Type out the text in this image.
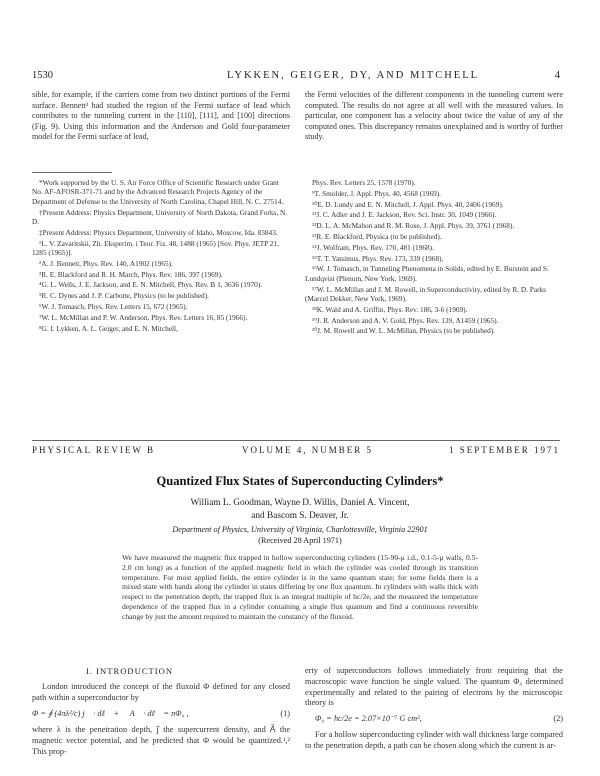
1530	LYKKEN, GEIGER, DY, AND MITCHELL	4

sible, for example, if the carriers come from two distinct portions of the Fermi surface. Bennett³ had studied the region of the Fermi surface of lead which contributes to the tunneling current in the [110], [111], and [100] directions (Fig. 9). Using this information and the Anderson and Gold four-parameter model for the Fermi surface of lead,

the Fermi velocities of the different components in the tunneling current were computed. The results do not agree at all well with the measured values. In particular, one component has a velocity about twice the value of any of the computed ones. This discrepancy remains unexplained and is worthy of further study.

*Work supported by the U. S. Air Force Office of Scientific Research under Grant No. AF-AFOSR-371-71 and by the Advanced Research Projects Agency of the Department of Defense to the University of North Carolina, Chapel Hill, N. C. 27514.

†Present Address: Physics Department, University of North Dakota, Grand Forks, N. D.

‡Present Address: Physics Department, University of Idaho, Moscow, Ida. 83843.

¹L. V. Zavaritskii, Zh. Eksperim. i Teor. Fiz. 48, 1488 (1965) [Sov. Phys. JETP 21, 1285 (1965)].

²A. J. Bennett, Phys. Rev. 140, A1902 (1965).

³R. E. Blackford and R. H. March, Phys. Rev. 186, 397 (1969).

⁴G. L. Wells, J. E. Jackson, and E. N. Mitchell, Phys. Rev. B 1, 3636 (1970).

⁵R. C. Dynes and J. P. Carbotte, Physics (to be published).

⁶W. J. Tomasch, Phys. Rev. Letters 15, 672 (1965).

⁷W. L. McMillan and P. W. Anderson, Phys. Rev. Letters 16, 85 (1966).

⁸G. I. Lykken, A. L. Geiger, and E. N. Mitchell,

Phys. Rev. Letters 25, 1578 (1970).

⁹T. Smolder, J. Appl. Phys. 40, 4568 (1969).

¹⁰E. D. Lundy and E. N. Mitchell, J. Appl. Phys. 40, 2406 (1969).

¹¹J. C. Adler and J. E. Jackson, Rev. Sci. Instr. 30, 1049 (1966).

¹²D. L. A. McMahon and R. M. Rose, J. Appl. Phys. 39, 3761 (1968).

¹³R. E. Blackford, Physica (to be published).

¹⁴J. Wolfram, Phys. Rev. 170, 481 (1968).

¹⁵T. T. Yatsimus, Phys. Rev. 173, 339 (1968).

¹⁶W. J. Tomasch, in Tunneling Phenomena in Solids, edited by E. Burstein and S. Lundqvist (Plenum, New York, 1969).

¹⁷W. L. McMillan and J. M. Rowell, in Superconductivity, edited by R. D. Parks (Marcel Dekker, New York, 1969).

¹⁸K. Wald and A. Griffin, Phys. Rev. 186, 3-6 (1969).

¹⁹J. R. Anderson and A. V. Gold, Phys. Rev. 139, A1459 (1965).

²⁰J. M. Rowell and W. L. McMillan, Physics (to be published).

PHYSICAL REVIEW B	VOLUME 4, NUMBER 5	1 SEPTEMBER 1971
Quantized Flux States of Superconducting Cylinders*
William L. Goodman, Wayne D. Willis, Daniel A. Vincent,
and Bascom S. Deaver, Jr.
Department of Physics, University of Virginia, Charlottesville, Virginia 22901
(Received 28 April 1971)
We have measured the magnetic flux trapped in hollow superconducting cylinders (15-90-μ i.d., 0.1-5-μ walls, 0.5-2.0 cm long) as a function of the applied magnetic field in which the cylinder was cooled through its transition temperature. For most applied fields, the entire cylinder is in the same quantum state; for some fields there is a mixed state with bands along the cylinder in states differing by one flux quantum. In cylinders with walls thick with respect to the penetration depth, the trapped flux is an integral multiple of hc/2e, and the measured the temperature dependence of the trapped flux in a cylinder containing a single flux quantum and find a continuous reversible change by just the amount required to maintain the constancy of the fluxoid.
I. INTRODUCTION

London introduced the concept of the fluxoid Φ defined for any closed path within a superconductor by

Φ = ∮ (4πλ²/c) j⃗ · dℓ⃗ + ∮ A⃗ · dℓ⃗ = nΦ₀ ,	(1)

where λ is the penetration depth, j⃗ the supercurrent density, and A⃗ the magnetic vector potential, and he predicted that Φ would be quantized.¹,² This prop-

erty of superconductors follows immediately from requiring that the macroscopic wave function be single valued. The quantum Φ₀ determined experimentally and related to the pairing of electrons by the microscopic theory is

Φ₀ = hc/2e = 2.07×10⁻⁷ G cm²,	(2)

For a hollow superconducting cylinder with wall thickness large compared to the penetration depth, a path can be chosen along which the current is ar-
